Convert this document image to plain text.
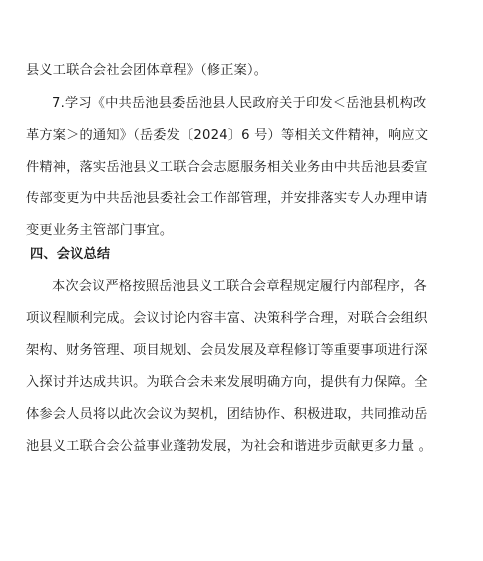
县义工联合会社会团体章程》（修正案）。
7.学习《中共岳池县委岳池县人民政府关于印发＜岳池县机构改
革方案＞的通知》（岳委发〔2024〕6 号）等相关文件精神，响应文
件精神，落实岳池县义工联合会志愿服务相关业务由中共岳池县委宣
传部变更为中共岳池县委社会工作部管理，并安排落实专人办理申请
变更业务主管部门事宜。
四、会议总结
本次会议严格按照岳池县义工联合会章程规定履行内部程序，各
项议程顺利完成。会议讨论内容丰富、决策科学合理，对联合会组织
架构、财务管理、项目规划、会员发展及章程修订等重要事项进行深
入探讨并达成共识。为联合会未来发展明确方向，提供有力保障。全
体参会人员将以此次会议为契机，团结协作、积极进取，共同推动岳
池县义工联合会公益事业蓬勃发展，为社会和谐进步贡献更多力量 。
